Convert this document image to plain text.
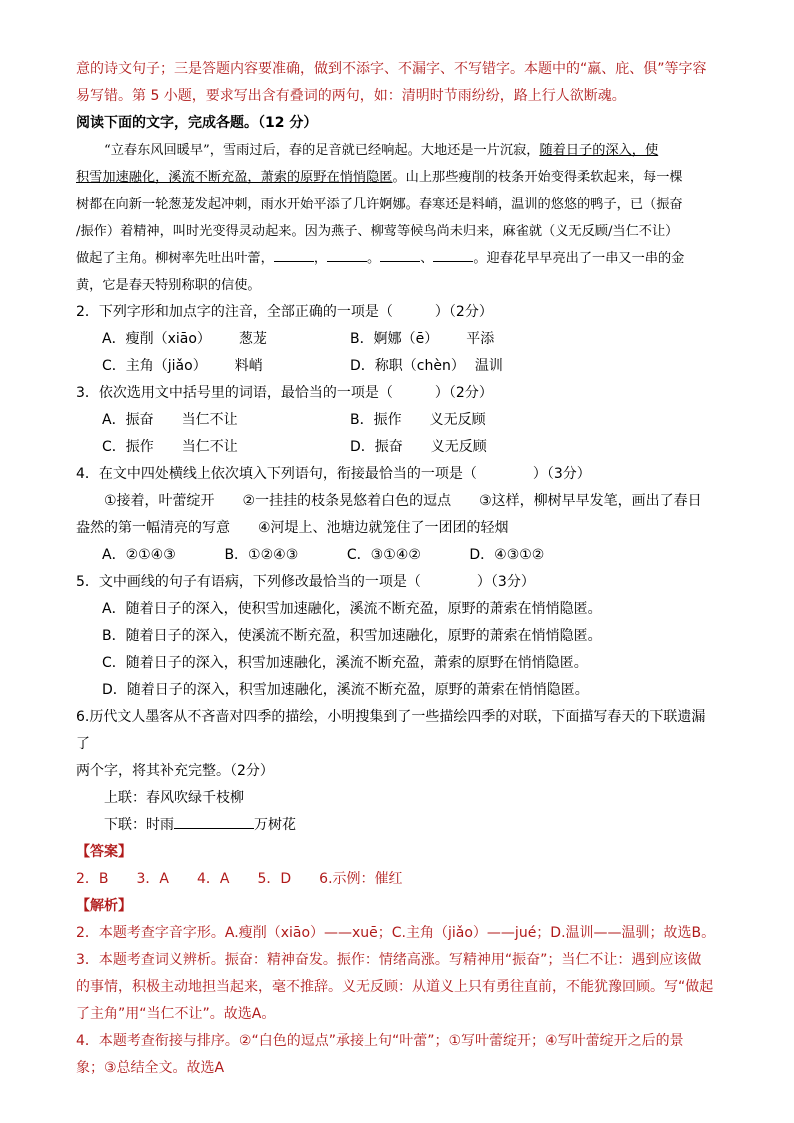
意的诗文句子；三是答题内容要准确，做到不添字、不漏字、不写错字。本题中的“羸、庇、俱”等字容
易写错。第 5 小题，要求写出含有叠词的两句，如：清明时节雨纷纷，路上行人欲断魂。
阅读下面的文字，完成各题。（12 分）
“立春东风回暖早”，雪雨过后，春的足音就已经响起。大地还是一片沉寂，随着日子的深入，使
积雪加速融化，溪流不断充盈，萧索的原野在悄悄隐匿。山上那些瘦削的枝条开始变得柔软起来，每一棵
树都在向新一轮葱茏发起冲刺，雨水开始平添了几许婀娜。春寒还是料峭，温训的悠悠的鸭子，已（振奋
/振作）着精神，叫时光变得灵动起来。因为燕子、柳莺等候鸟尚未归来，麻雀就（义无反顾/当仁不让）
做起了主角。柳树率先吐出叶蕾，	，	。	、	。迎春花早早亮出了一串又一串的金
黄，它是春天特别称职的信使。
2．下列字形和加点字的注音，全部正确的一项是（　　　）（2分）
A．瘦削（xiāo） 葱茏	B．婀娜（ē） 平添
C．主角（jiǎo） 料峭	D．称职（chèn） 温训
3．依次选用文中括号里的词语，最恰当的一项是（　　　）（2分）
A．振奋 当仁不让	B．振作 义无反顾
C．振作 当仁不让	D．振奋 义无反顾
4．在文中四处横线上依次填入下列语句，衔接最恰当的一项是（　　　　）（3分）
①接着，叶蕾绽开　　②一挂挂的枝条晃悠着白色的逗点　　③这样，柳树早早发笔，画出了春日
盎然的第一幅清亮的写意　　④河堤上、池塘边就笼住了一团团的轻烟
A．②①④③	B．①②④③	C．③①④②	D．④③①②
5．文中画线的句子有语病，下列修改最恰当的一项是（　　　　）（3分）
A．随着日子的深入，使积雪加速融化，溪流不断充盈，原野的萧索在悄悄隐匿。
B．随着日子的深入，使溪流不断充盈，积雪加速融化，原野的萧索在悄悄隐匿。
C．随着日子的深入，积雪加速融化，溪流不断充盈，萧索的原野在悄悄隐匿。
D．随着日子的深入，积雪加速融化，溪流不断充盈，原野的萧索在悄悄隐匿。
6.历代文人墨客从不吝啬对四季的描绘，小明搜集到了一些描绘四季的对联，下面描写春天的下联遗漏了
两个字，将其补充完整。（2分）
上联：春风吹绿千枝柳
下联：时雨	万树花
【答案】
2．B　　3．A　　4．A　　5．D　　6.示例：催红
【解析】
2．本题考查字音字形。A.瘦削（xiāo）——xuē；C.主角（jiǎo）——jué；D.温训——温驯；故选B。
3．本题考查词义辨析。振奋：精神奋发。振作：情绪高涨。写精神用“振奋”；当仁不让：遇到应该做
的事情，积极主动地担当起来，毫不推辞。义无反顾：从道义上只有勇往直前，不能犹豫回顾。写“做起
了主角”用“当仁不让”。故选A。
4．本题考查衔接与排序。②“白色的逗点”承接上句“叶蕾”；①写叶蕾绽开；④写叶蕾绽开之后的景
象；③总结全文。故选A
